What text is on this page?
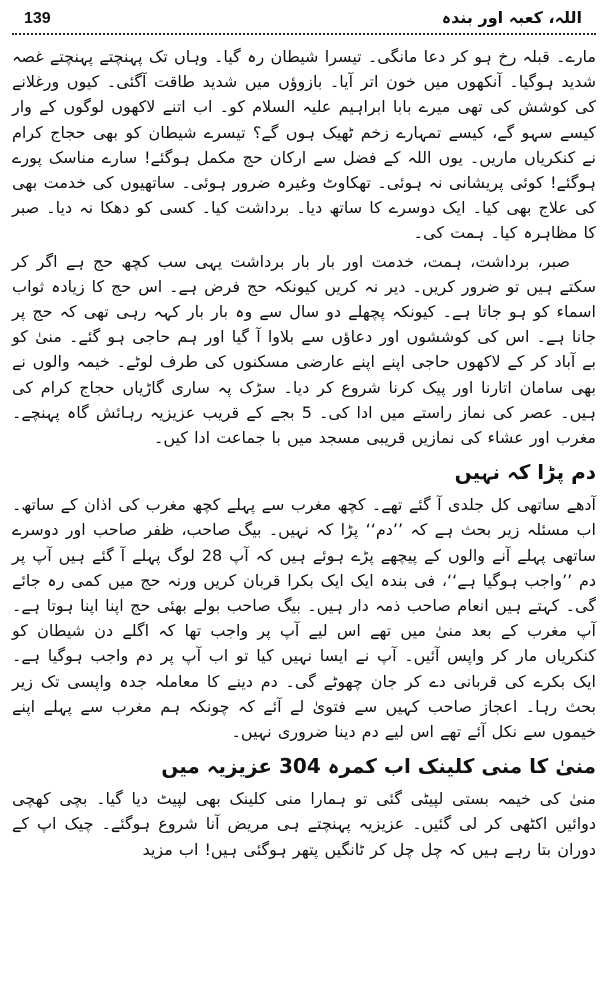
139	اللہ، کعبہ اور بندہ

مارے۔ قبلہ رخ ہو کر دعا مانگی۔ تیسرا شیطان رہ گیا۔ وہاں تک پہنچتے پہنچتے غصہ شدید ہوگیا۔ آنکھوں میں خون اتر آیا۔ بازوؤں میں شدید طاقت آگئی۔ کیوں ورغلانے کی کوشش کی تھی میرے بابا ابراہیم علیہ السلام کو۔ اب اتنے لاکھوں لوگوں کے وار کیسے سہو گے، کیسے تمہارے زخم ٹھیک ہوں گے؟ تیسرے شیطان کو بھی حجاج کرام نے کنکریاں ماریں۔ یوں اللہ کے فضل سے ارکان حج مکمل ہوگئے! سارے مناسک پورے ہوگئے! کوئی پریشانی نہ ہوئی۔ تھکاوٹ وغیرہ ضرور ہوئی۔ ساتھیوں کی خدمت بھی کی علاج بھی کیا۔ ایک دوسرے کا ساتھ دیا۔ برداشت کیا۔ کسی کو دھکا نہ دیا۔ صبر کا مظاہرہ کیا۔ ہمت کی۔

صبر، برداشت، ہمت، خدمت اور بار بار برداشت یہی سب کچھ حج ہے اگر کر سکتے ہیں تو ضرور کریں۔ دیر نہ کریں کیونکہ حج فرض ہے۔ اس حج کا زیادہ ثواب اسماء کو ہو جاتا ہے۔ کیونکہ پچھلے دو سال سے وہ بار بار کہہ رہی تھی کہ حج پر جانا ہے۔ اس کی کوششوں اور دعاؤں سے بلاوا آ گیا اور ہم حاجی ہو گئے۔ منیٰ کو بے آباد کر کے لاکھوں حاجی اپنے اپنے عارضی مسکنوں کی طرف لوٹے۔ خیمہ والوں نے بھی سامان اتارنا اور پیک کرنا شروع کر دیا۔ سڑک پہ ساری گاڑیاں حجاج کرام کی ہیں۔ عصر کی نماز راستے میں ادا کی۔ 5 بجے کے قریب عزیزیہ رہائش گاہ پہنچے۔ مغرب اور عشاء کی نمازیں قریبی مسجد میں با جماعت ادا کیں۔

دم پڑا کہ نہیں

آدھے ساتھی کل جلدی آ گئے تھے۔ کچھ مغرب سے پہلے کچھ مغرب کی اذان کے ساتھ۔ اب مسئلہ زیر بحث ہے کہ ’’دم‘‘ پڑا کہ نہیں۔ بیگ صاحب، ظفر صاحب اور دوسرے ساتھی پہلے آنے والوں کے پیچھے پڑے ہوئے ہیں کہ آپ 28 لوگ پہلے آ گئے ہیں آپ پر دم ’’واجب ہوگیا ہے‘‘، فی بندہ ایک ایک بکرا قربان کریں ورنہ حج میں کمی رہ جائے گی۔ کہتے ہیں انعام صاحب ذمہ دار ہیں۔ بیگ صاحب بولے بھئی حج اپنا اپنا ہوتا ہے۔ آپ مغرب کے بعد منیٰ میں تھے اس لیے آپ پر واجب تھا کہ اگلے دن شیطان کو کنکریاں مار کر واپس آئیں۔ آپ نے ایسا نہیں کیا تو اب آپ پر دم واجب ہوگیا ہے۔ ایک بکرے کی قربانی دے کر جان چھوٹے گی۔ دم دینے کا معاملہ جدہ واپسی تک زیر بحث رہا۔ اعجاز صاحب کہیں سے فتویٰ لے آئے کہ چونکہ ہم مغرب سے پہلے اپنے خیموں سے نکل آئے تھے اس لیے دم دینا ضروری نہیں۔

منیٰ کا منی کلینک اب کمرہ 304 عزیزیہ میں

منیٰ کی خیمہ بستی لپیٹی گئی تو ہمارا منی کلینک بھی لپیٹ دیا گیا۔ بچی کھچی دوائیں اکٹھی کر لی گئیں۔ عزیزیہ پہنچتے ہی مریض آنا شروع ہوگئے۔ چیک اپ کے دوران بتا رہے ہیں کہ چل چل کر ٹانگیں پتھر ہوگئی ہیں! اب مزید
